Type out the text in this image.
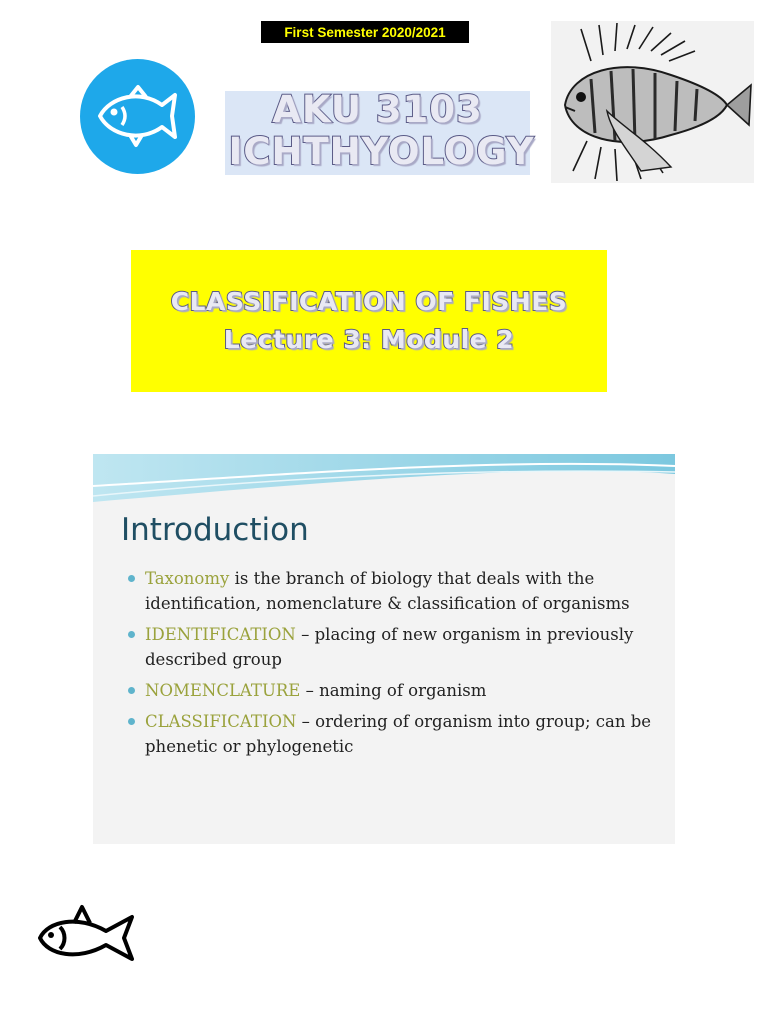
First Semester 2020/2021
AKU 3103
ICHTHYOLOGY
CLASSIFICATION OF FISHES
Lecture 3: Module 2
Introduction
Taxonomy is the branch of biology that deals with the identification, nomenclature & classification of organisms
IDENTIFICATION – placing of new organism in previously described group
NOMENCLATURE – naming of organism
CLASSIFICATION – ordering of organism into group; can be phenetic or phylogenetic
